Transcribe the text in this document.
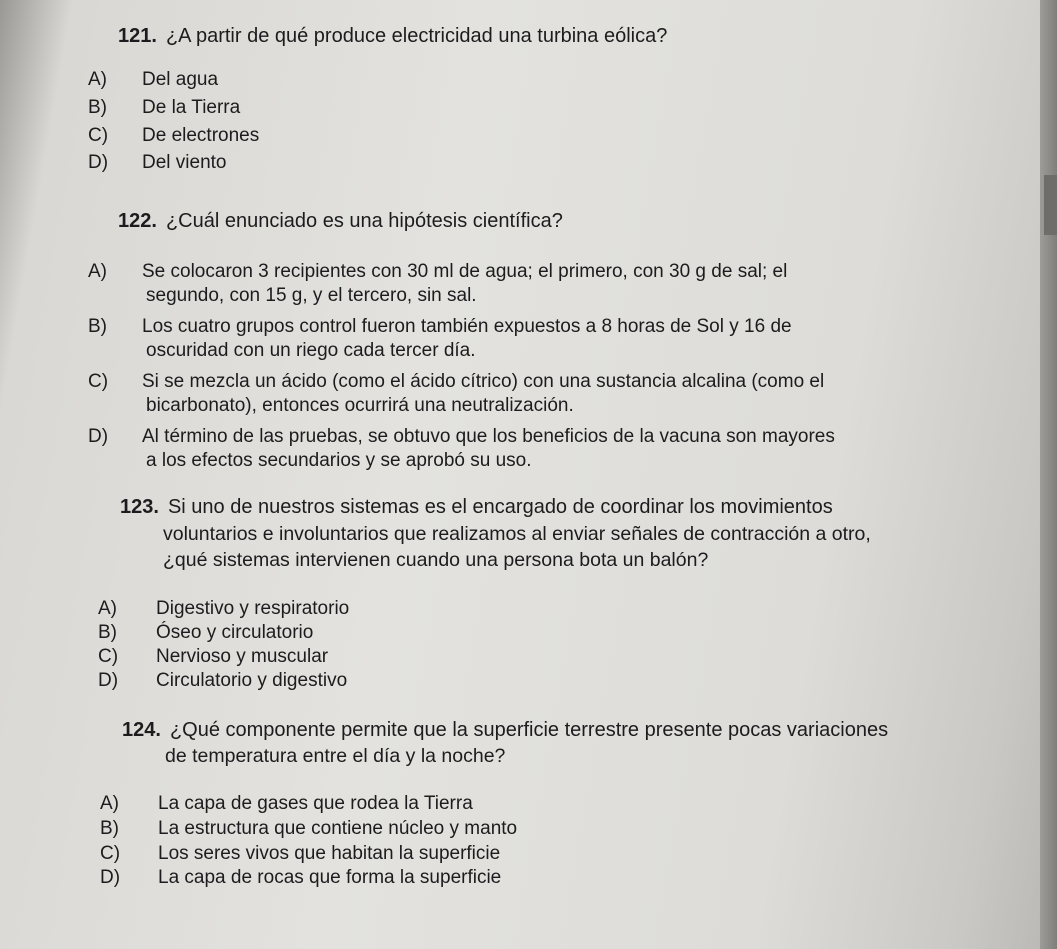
121. ¿A partir de qué produce electricidad una turbina eólica?
A) Del agua
B) De la Tierra
C) De electrones
D) Del viento
122. ¿Cuál enunciado es una hipótesis científica?
A) Se colocaron 3 recipientes con 30 ml de agua; el primero, con 30 g de sal; el
segundo, con 15 g, y el tercero, sin sal.
B) Los cuatro grupos control fueron también expuestos a 8 horas de Sol y 16 de
oscuridad con un riego cada tercer día.
C) Si se mezcla un ácido (como el ácido cítrico) con una sustancia alcalina (como el
bicarbonato), entonces ocurrirá una neutralización.
D) Al término de las pruebas, se obtuvo que los beneficios de la vacuna son mayores
a los efectos secundarios y se aprobó su uso.
123. Si uno de nuestros sistemas es el encargado de coordinar los movimientos
voluntarios e involuntarios que realizamos al enviar señales de contracción a otro,
¿qué sistemas intervienen cuando una persona bota un balón?
A) Digestivo y respiratorio
B) Óseo y circulatorio
C) Nervioso y muscular
D) Circulatorio y digestivo
124. ¿Qué componente permite que la superficie terrestre presente pocas variaciones
de temperatura entre el día y la noche?
A) La capa de gases que rodea la Tierra
B) La estructura que contiene núcleo y manto
C) Los seres vivos que habitan la superficie
D) La capa de rocas que forma la superficie
